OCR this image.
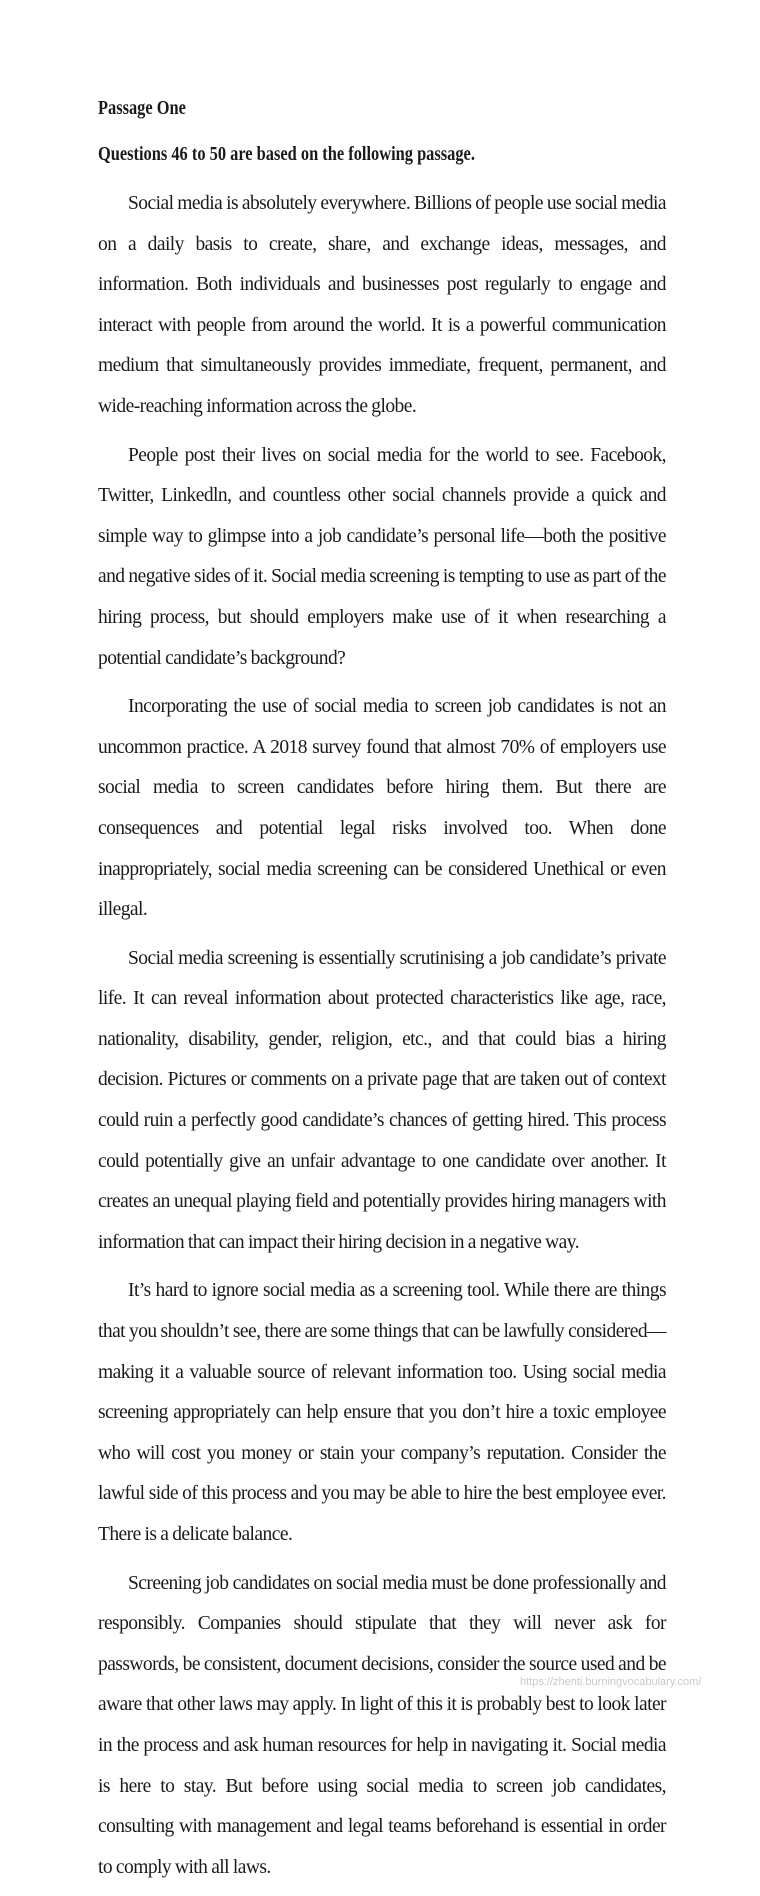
Passage One
Questions 46 to 50 are based on the following passage.

Social media is absolutely everywhere. Billions of people use social media on a daily basis to create, share, and exchange ideas, messages, and information. Both individuals and businesses post regularly to engage and interact with people from around the world. It is a powerful communication medium that simultaneously provides immediate, frequent, permanent, and wide-reaching information across the globe.

People post their lives on social media for the world to see. Facebook, Twitter, Linkedln, and countless other social channels provide a quick and simple way to glimpse into a job candidate’s personal life—both the positive and negative sides of it. Social media screening is tempting to use as part of the hiring process, but should employers make use of it when researching a potential candidate’s background?

Incorporating the use of social media to screen job candidates is not an uncommon practice. A 2018 survey found that almost 70% of employers use social media to screen candidates before hiring them. But there are consequences and potential legal risks involved too. When done inappropriately, social media screening can be considered Unethical or even illegal.

Social media screening is essentially scrutinising a job candidate’s private life. It can reveal information about protected characteristics like age, race, nationality, disability, gender, religion, etc., and that could bias a hiring decision. Pictures or comments on a private page that are taken out of context could ruin a perfectly good candidate’s chances of getting hired. This process could potentially give an unfair advantage to one candidate over another. It creates an unequal playing field and potentially provides hiring managers with information that can impact their hiring decision in a negative way.

It’s hard to ignore social media as a screening tool. While there are things that you shouldn’t see, there are some things that can be lawfully considered—making it a valuable source of relevant information too. Using social media screening appropriately can help ensure that you don’t hire a toxic employee who will cost you money or stain your company’s reputation. Consider the lawful side of this process and you may be able to hire the best employee ever. There is a delicate balance.

Screening job candidates on social media must be done professionally and responsibly. Companies should stipulate that they will never ask for passwords, be consistent, document decisions, consider the source used and be aware that other laws may apply. In light of this it is probably best to look later in the process and ask human resources for help in navigating it. Social media is here to stay. But before using social media to screen job candidates, consulting with management and legal teams beforehand is essential in order to comply with all laws.

https://zhenti.burningvocabulary.com/
